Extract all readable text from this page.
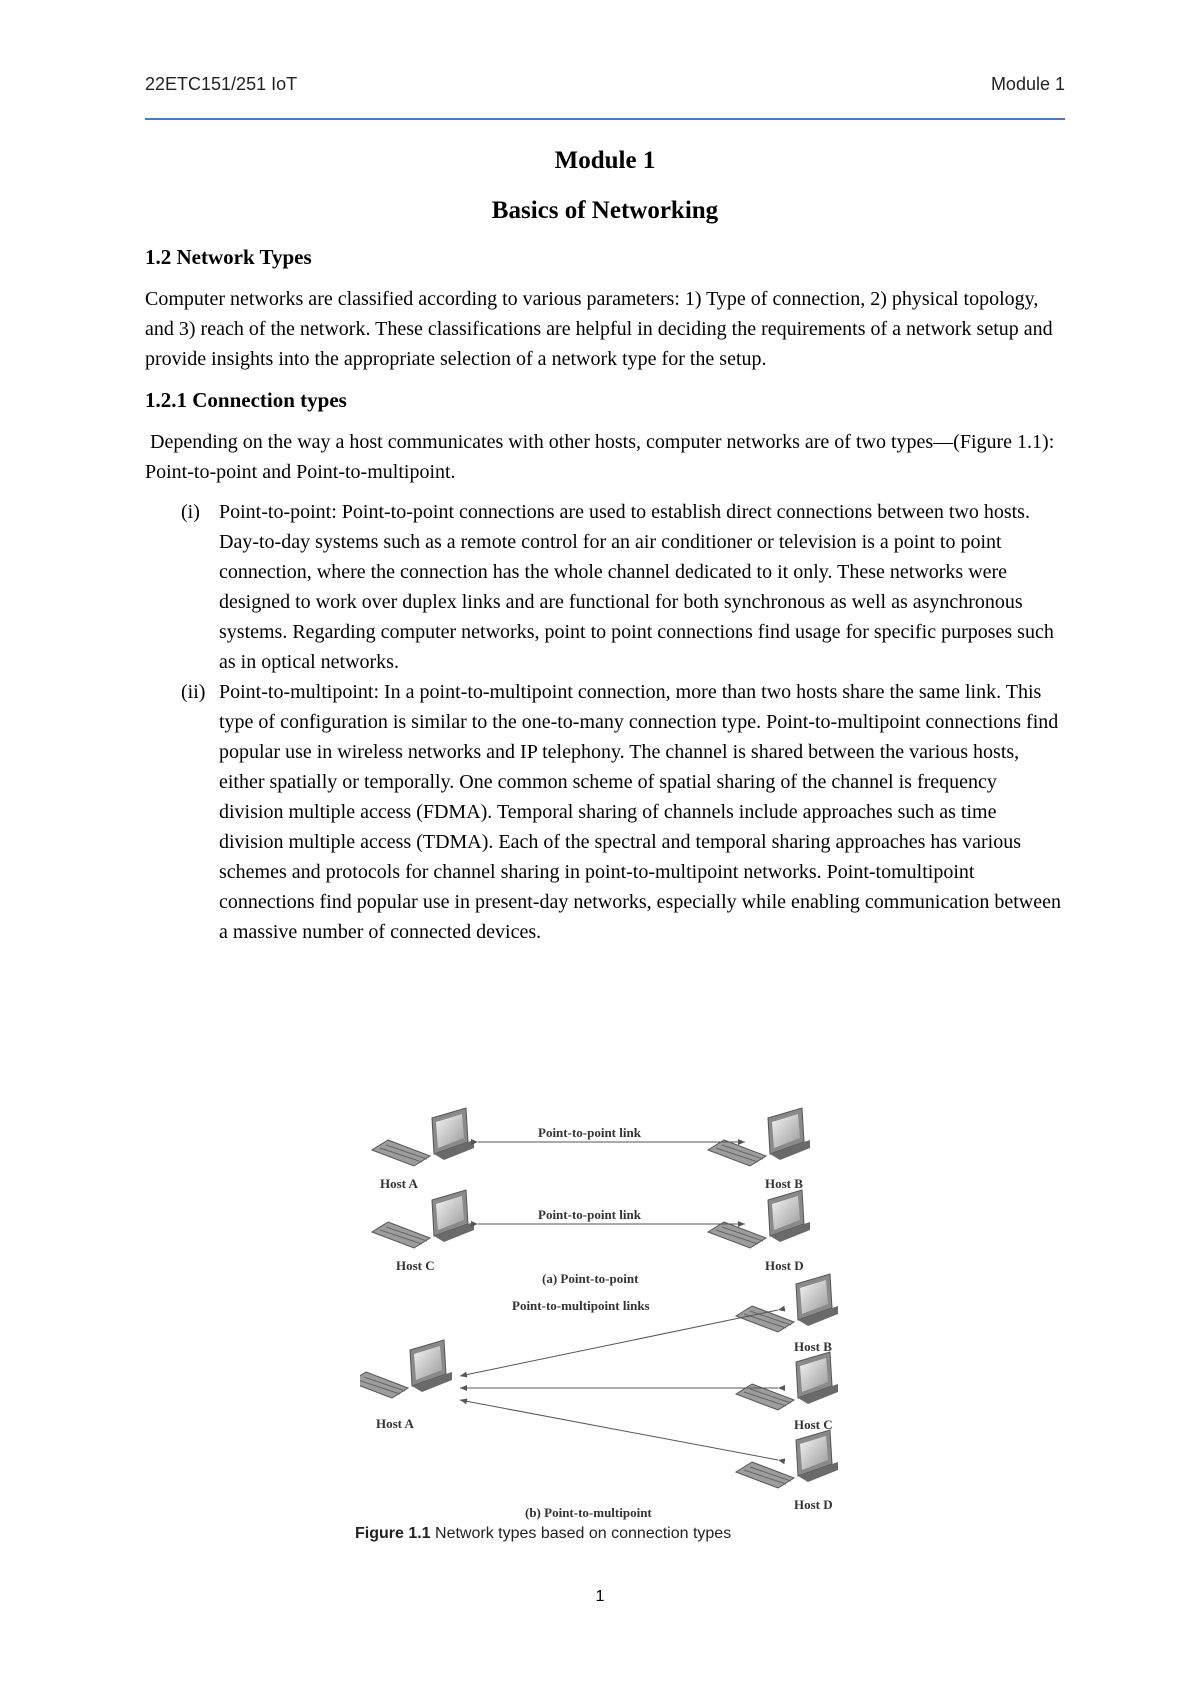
22ETC151/251 IoT	Module 1

Module 1

Basics of Networking

1.2 Network Types

Computer networks are classified according to various parameters: 1) Type of connection, 2) physical topology, and 3) reach of the network. These classifications are helpful in deciding the requirements of a network setup and provide insights into the appropriate selection of a network type for the setup.

1.2.1 Connection types

Depending on the way a host communicates with other hosts, computer networks are of two types—(Figure 1.1): Point-to-point and Point-to-multipoint.

(i) Point-to-point: Point-to-point connections are used to establish direct connections between two hosts. Day-to-day systems such as a remote control for an air conditioner or television is a point to point connection, where the connection has the whole channel dedicated to it only. These networks were designed to work over duplex links and are functional for both synchronous as well as asynchronous systems. Regarding computer networks, point to point connections find usage for specific purposes such as in optical networks.
(ii) Point-to-multipoint: In a point-to-multipoint connection, more than two hosts share the same link. This type of configuration is similar to the one-to-many connection type. Point-to-multipoint connections find popular use in wireless networks and IP telephony. The channel is shared between the various hosts, either spatially or temporally. One common scheme of spatial sharing of the channel is frequency division multiple access (FDMA). Temporal sharing of channels include approaches such as time division multiple access (TDMA). Each of the spectral and temporal sharing approaches has various schemes and protocols for channel sharing in point-to-multipoint networks. Point-tomultipoint connections find popular use in present-day networks, especially while enabling communication between a massive number of connected devices.
Point-to-point link
Host A	Host B
Point-to-point link
Host C	Host D
(a) Point-to-point
Point-to-multipoint links
Host B
Host C
Host A
Host D
(b) Point-to-multipoint
Figure 1.1 Network types based on connection types
1
